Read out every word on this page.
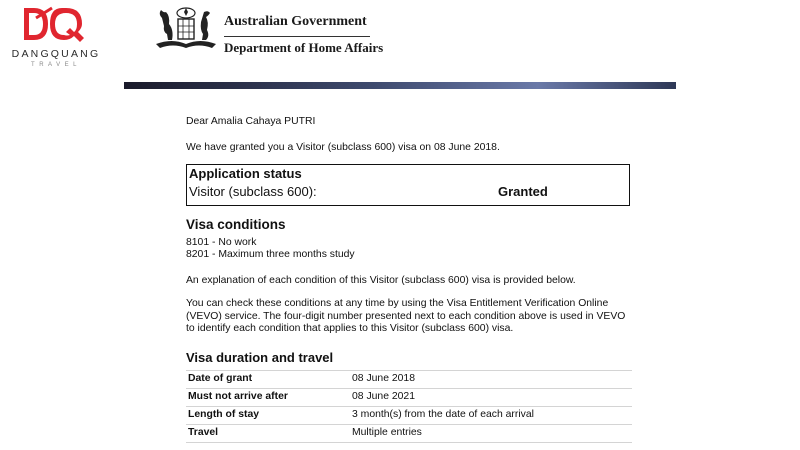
DANGQUANG
TRAVEL
Australian Government
Department of Home Affairs
Dear Amalia Cahaya PUTRI
We have granted you a Visitor (subclass 600) visa on 08 June 2018.
Application status
Visitor (subclass 600):	Granted
Visa conditions
8101 - No work
8201 - Maximum three months study
An explanation of each condition of this Visitor (subclass 600) visa is provided below.
You can check these conditions at any time by using the Visa Entitlement Verification Online (VEVO) service. The four-digit number presented next to each condition above is used in VEVO to identify each condition that applies to this Visitor (subclass 600) visa.
Visa duration and travel
Date of grant	08 June 2018
Must not arrive after	08 June 2021
Length of stay	3 month(s) from the date of each arrival
Travel	Multiple entries
